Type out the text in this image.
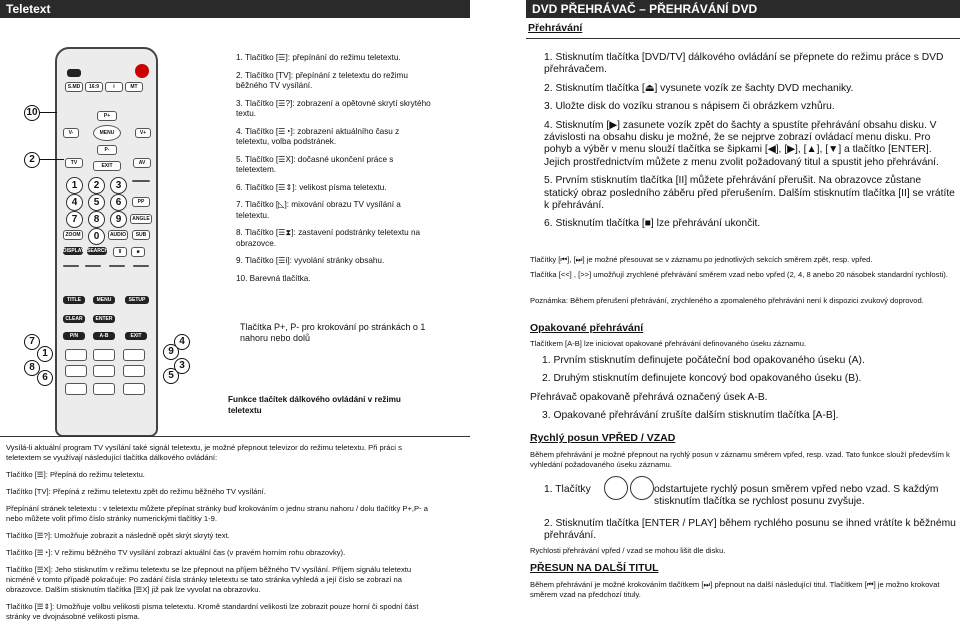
Teletext	DVD PŘEHRÁVAČ – PŘEHRÁVÁNÍ DVD
S.MD	16:9	i	MT
P+
V-	MENU	V+
P-
TV	EXIT	AV
1	2	3
4	5	6	PP
7	8	9	ANGLE
ZOOM	0	AUDIO	SUB
DISPLAY SEARCH	II	■
TITLE	MENU	SETUP
CLEAR	ENTER
P/N	A-B	EXIT
10
2
7
1
8
6
4
9
5
3
1. Tlačítko [☰]: přepínání do režimu teletextu.
2. Tlačítko [TV]: přepínání z teletextu do režimu běžného TV vysílání.
3. Tlačítko [☰?]: zobrazení a opětovné skrytí skrytého textu.
4. Tlačítko [☰◔]: zobrazení aktuálního času z teletextu, volba podstránek.
5. Tlačítko [☰X]: dočasné ukončení práce s teletextem.
6. Tlačítko [☰⇕]: velikost písma teletextu.
7. Tlačítko [◺]: mixování obrazu TV vysílání a teletextu.
8. Tlačítko [☰⧗]: zastavení podstránky teletextu na obrazovce.
9. Tlačítko [☰i]: vyvolání stránky obsahu.
10. Barevná tlačítka.
Tlačítka P+, P- pro krokování po stránkách o 1 nahoru nebo dolů
Funkce tlačítek dálkového ovládání v režimu teletextu
Vysílá-li aktuální program TV vysílání také signál teletextu, je možné přepnout televizor do režimu teletextu. Při práci s teletextem se využívají následující tlačítka dálkového ovládání:
Tlačítko [☰]: Přepíná do režimu teletextu.
Tlačítko [TV]: Přepíná z režimu teletextu zpět do režimu běžného TV vysílání.
Přepínání stránek teletextu : v teletextu můžete přepínat stránky buď krokováním o jednu stranu nahoru / dolu tlačítky P+,P- a nebo můžete volit přímo číslo stránky numerickými tlačítky 1-9.
Tlačítko [☰?]: Umožňuje zobrazit a následně opět skrýt skrytý text.
Tlačítko [☰◔]: V režimu běžného TV vysílání zobrazí aktuální čas (v pravém horním rohu obrazovky).
Tlačítko [☰X]: Jeho stisknutím v režimu teletextu se lze přepnout na příjem běžného TV vysílání. Příjem signálu teletextu nicméně v tomto případě pokračuje: Po zadání čísla stránky teletextu se tato stránka vyhledá a její číslo se zobrazí na obrazovce. Dalším stisknutím tlačítka [☰X] již pak lze vyvolat na obrazovku.
Tlačítko [☰⇕]: Umožňuje volbu velikosti písma teletextu. Kromě standardní velikosti lze zobrazit pouze horní či spodní část stránky ve dvojnásobné velikosti písma.
Přehrávání
1. Stisknutím tlačítka [DVD/TV] dálkového ovládání se přepnete do režimu práce s DVD přehrávačem.
2. Stisknutím tlačítka [⏏] vysunete vozík ze šachty DVD mechaniky.
3. Uložte disk do vozíku stranou s nápisem či obrázkem vzhůru.
4. Stisknutím [▶] zasunete vozík zpět do šachty a spustíte přehrávání obsahu disku. V závislosti na obsahu disku je možné, že se nejprve zobrazí ovládací menu disku. Pro pohyb a výběr v menu slouží tlačítka se šipkami [◀], [▶], [▲], [▼] a tlačítko [ENTER]. Jejich prostřednictvím můžete z menu zvolit požadovaný titul a spustit jeho přehrávání.
5. Prvním stisknutím tlačítka [II] můžete přehrávání přerušit. Na obrazovce zůstane statický obraz posledního záběru před přerušením. Dalším stisknutím tlačítka [II] se vrátíte k přehrávání.
6. Stisknutím tlačítka [■] lze přehrávání ukončit.
Tlačítky [⏮], [⏭] je možné přesouvat se v záznamu po jednotlivých sekcích směrem zpět, resp. vpřed.
Tlačítka [<<] , [>>] umožňují zrychlené přehrávání směrem vzad nebo vpřed (2, 4, 8 anebo 20 násobek standardní rychlosti).
Poznámka: Během přerušení přehrávání, zrychleného a zpomaleného přehrávání není k dispozici zvukový doprovod.
Opakované přehrávání
Tlačítkem [A-B] lze iniciovat opakované přehrávání definovaného úseku záznamu.
1. Prvním stisknutím definujete počáteční bod opakovaného úseku (A).
2. Druhým stisknutím definujete koncový bod opakovaného úseku (B).
Přehrávač opakovaně přehrává označený úsek A-B.
3. Opakované přehrávání zrušíte dalším stisknutím tlačítka [A-B].
Rychlý posun VPŘED / VZAD
Během přehrávání je možné přepnout na rychlý posun v záznamu směrem vpřed, resp. vzad. Tato funkce slouží především k vyhledání požadovaného úseku záznamu.
1. Tlačítky	odstartujete rychlý posun směrem vpřed nebo vzad. S každým stisknutím tlačítka se rychlost posunu zvyšuje.
2. Stisknutím tlačítka [ENTER / PLAY] během rychlého posunu se ihned vrátíte k běžnému přehrávání.
Rychlosti přehrávání vpřed / vzad se mohou lišit dle disku.
PŘESUN NA DALŠÍ TITUL
Během přehrávání je možné krokováním tlačítkem [⏭] přepnout na další následující titul. Tlačítkem [⏮] je možno krokovat směrem vzad na předchozí tituly.
